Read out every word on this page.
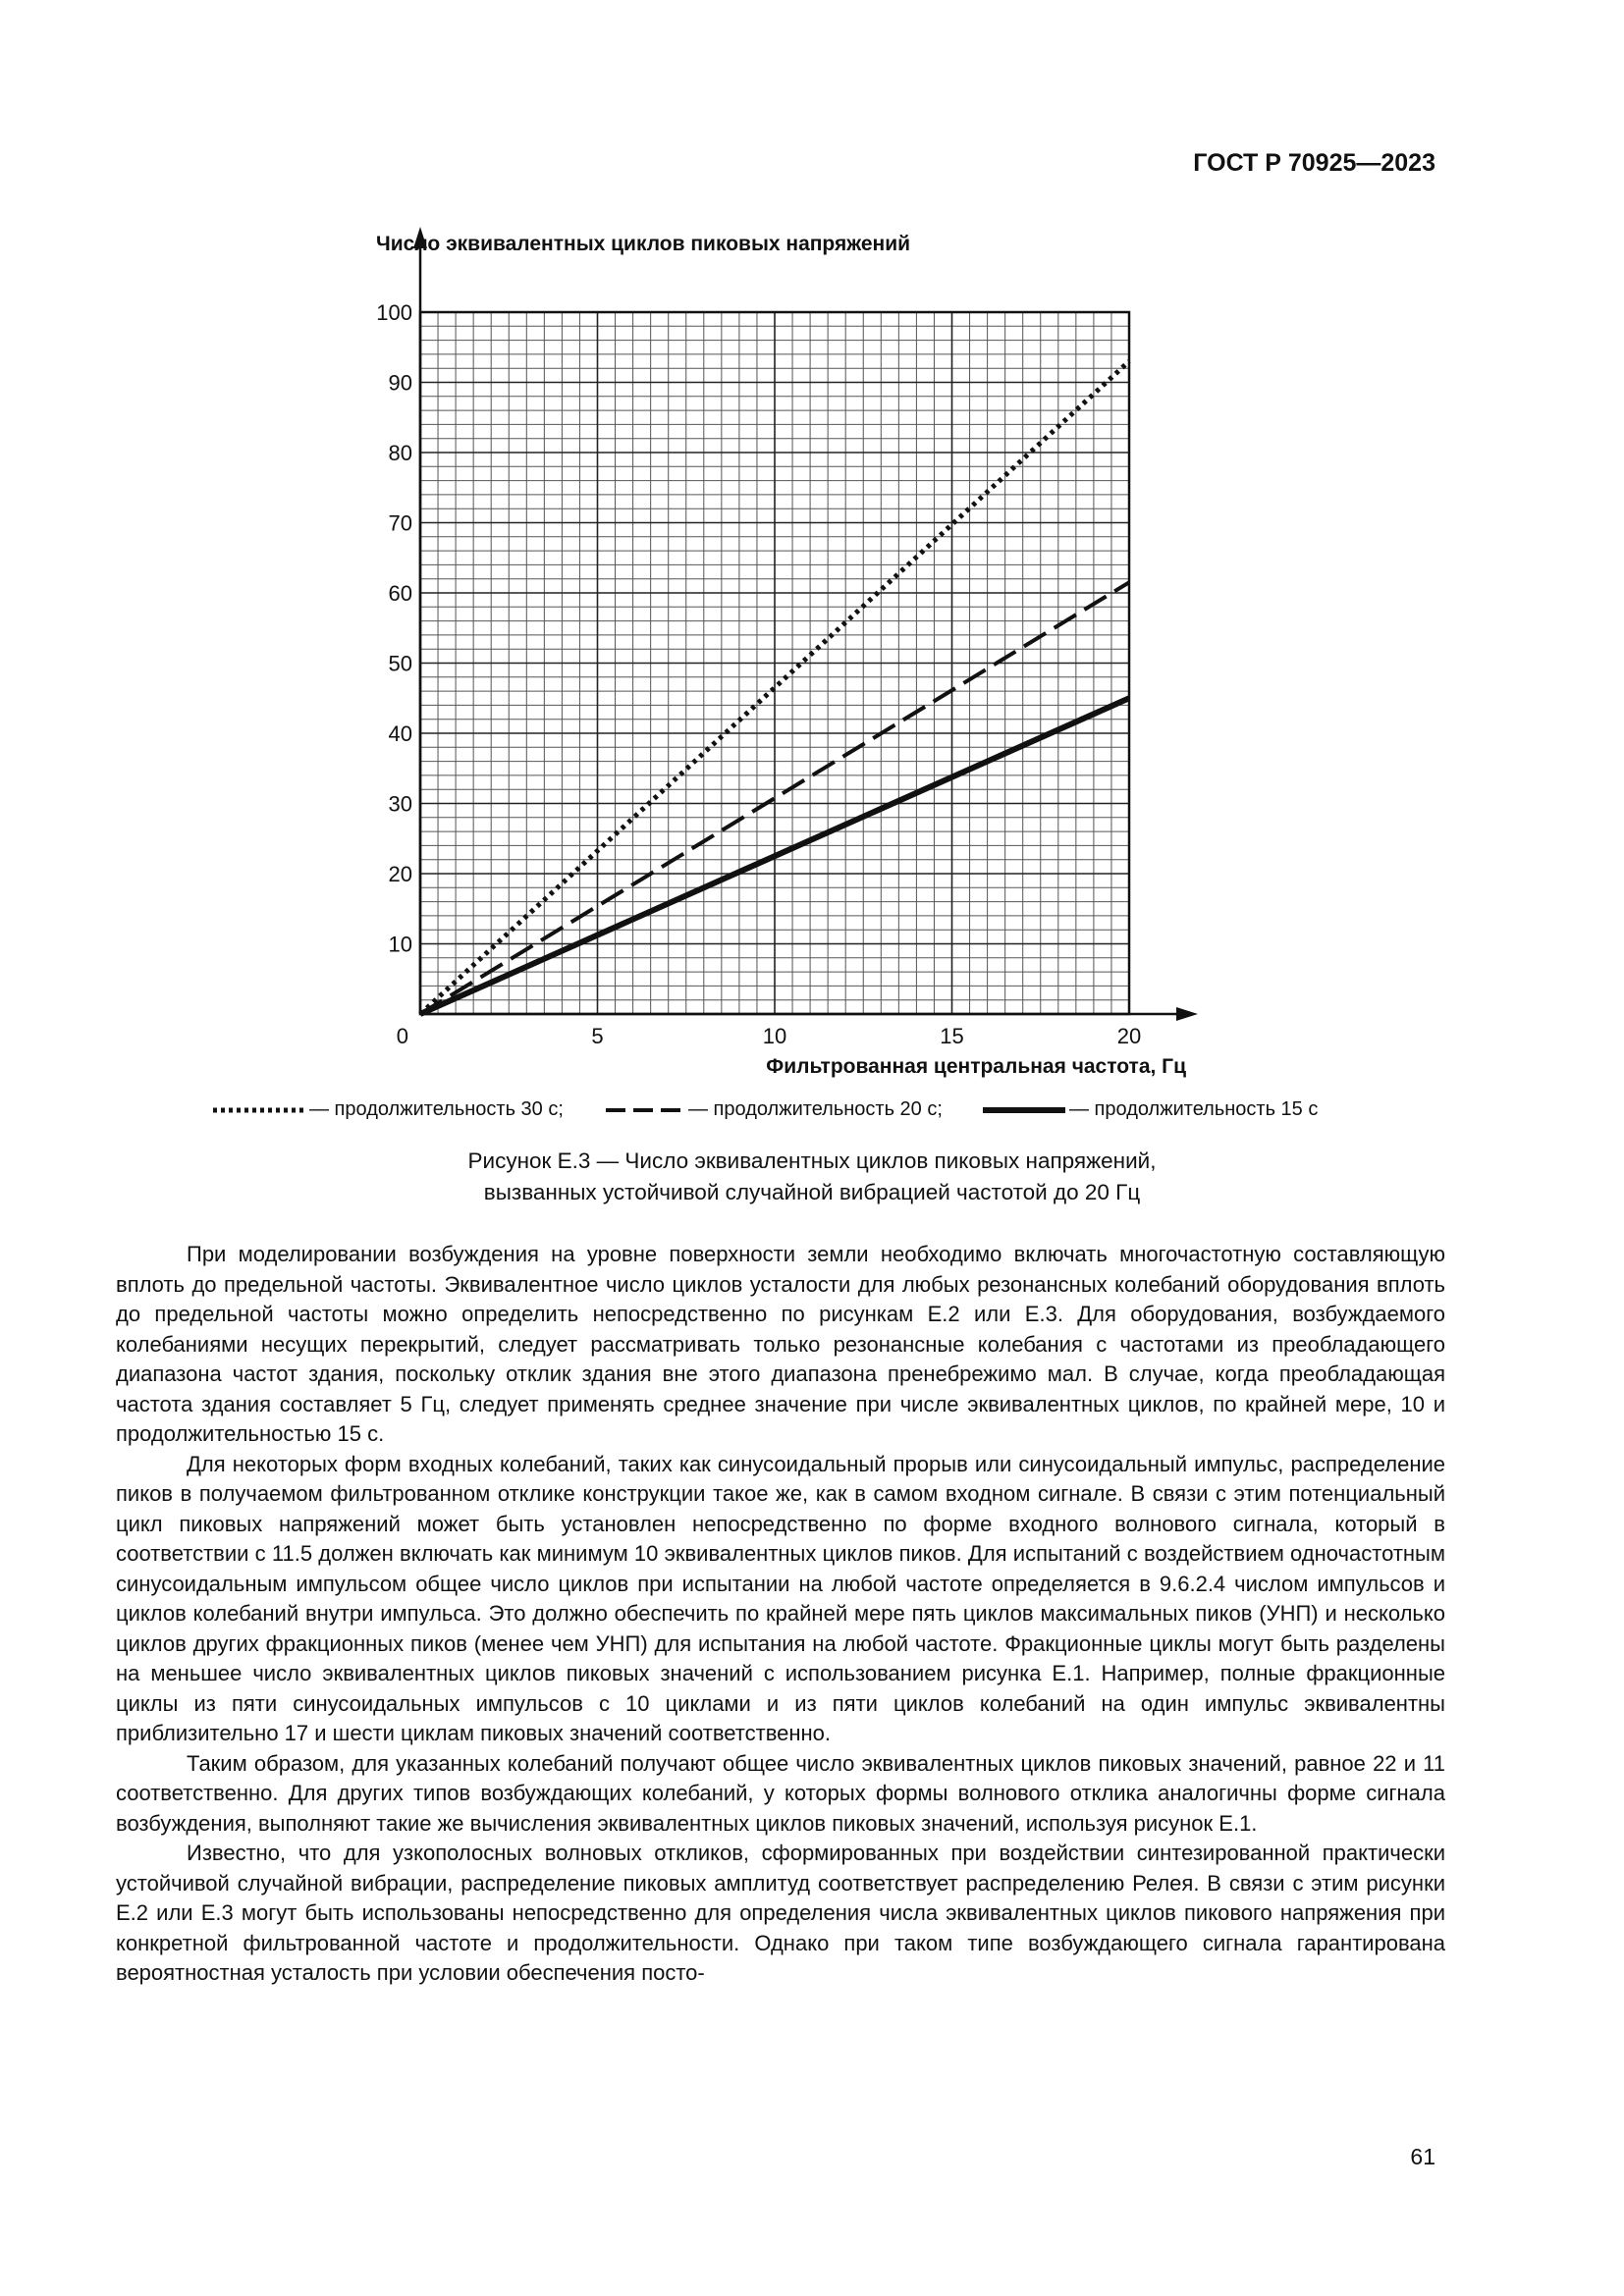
ГОСТ Р 70925—2023
10
20
30
40
50
60
70
80
90
100
0	5	10	15	20
Число эквивалентных циклов пиковых напряжений
Фильтрованная центральная частота, Гц
— продолжительность 30 с;	— продолжительность 20 с;	— продолжительность 15 с
Рисунок Е.3 — Число эквивалентных циклов пиковых напряжений,
вызванных устойчивой случайной вибрацией частотой до 20 Гц

При моделировании возбуждения на уровне поверхности земли необходимо включать многочастотную составляющую вплоть до предельной частоты. Эквивалентное число циклов усталости для любых резонансных колебаний оборудования вплоть до предельной частоты можно определить непосредственно по рисункам Е.2 или Е.3. Для оборудования, возбуждаемого колебаниями несущих перекрытий, следует рассматривать только резонансные колебания с частотами из преобладающего диапазона частот здания, поскольку отклик здания вне этого диапазона пренебрежимо мал. В случае, когда преобладающая частота здания составляет 5 Гц, следует применять среднее значение при числе эквивалентных циклов, по крайней мере, 10 и продолжительностью 15 с.

Для некоторых форм входных колебаний, таких как синусоидальный прорыв или синусоидальный импульс, распределение пиков в получаемом фильтрованном отклике конструкции такое же, как в самом входном сигнале. В связи с этим потенциальный цикл пиковых напряжений может быть установлен непосредственно по форме входного волнового сигнала, который в соответствии с 11.5 должен включать как минимум 10 эквивалентных циклов пиков. Для испытаний с воздействием одночастотным синусоидальным импульсом общее число циклов при испытании на любой частоте определяется в 9.6.2.4 числом импульсов и циклов колебаний внутри импульса. Это должно обеспечить по крайней мере пять циклов максимальных пиков (УНП) и несколько циклов других фракционных пиков (менее чем УНП) для испытания на любой частоте. Фракционные циклы могут быть разделены на меньшее число эквивалентных циклов пиковых значений с использованием рисунка Е.1. Например, полные фракционные циклы из пяти синусоидальных импульсов с 10 циклами и из пяти циклов колебаний на один импульс эквивалентны приблизительно 17 и шести циклам пиковых значений соответственно.

Таким образом, для указанных колебаний получают общее число эквивалентных циклов пиковых значений, равное 22 и 11 соответственно. Для других типов возбуждающих колебаний, у которых формы волнового отклика аналогичны форме сигнала возбуждения, выполняют такие же вычисления эквивалентных циклов пиковых значений, используя рисунок Е.1.

Известно, что для узкополосных волновых откликов, сформированных при воздействии синтезированной практически устойчивой случайной вибрации, распределение пиковых амплитуд соответствует распределению Релея. В связи с этим рисунки Е.2 или Е.3 могут быть использованы непосредственно для определения числа эквивалентных циклов пикового напряжения при конкретной фильтрованной частоте и продолжительности. Однако при таком типе возбуждающего сигнала гарантирована вероятностная усталость при условии обеспечения посто-

61
